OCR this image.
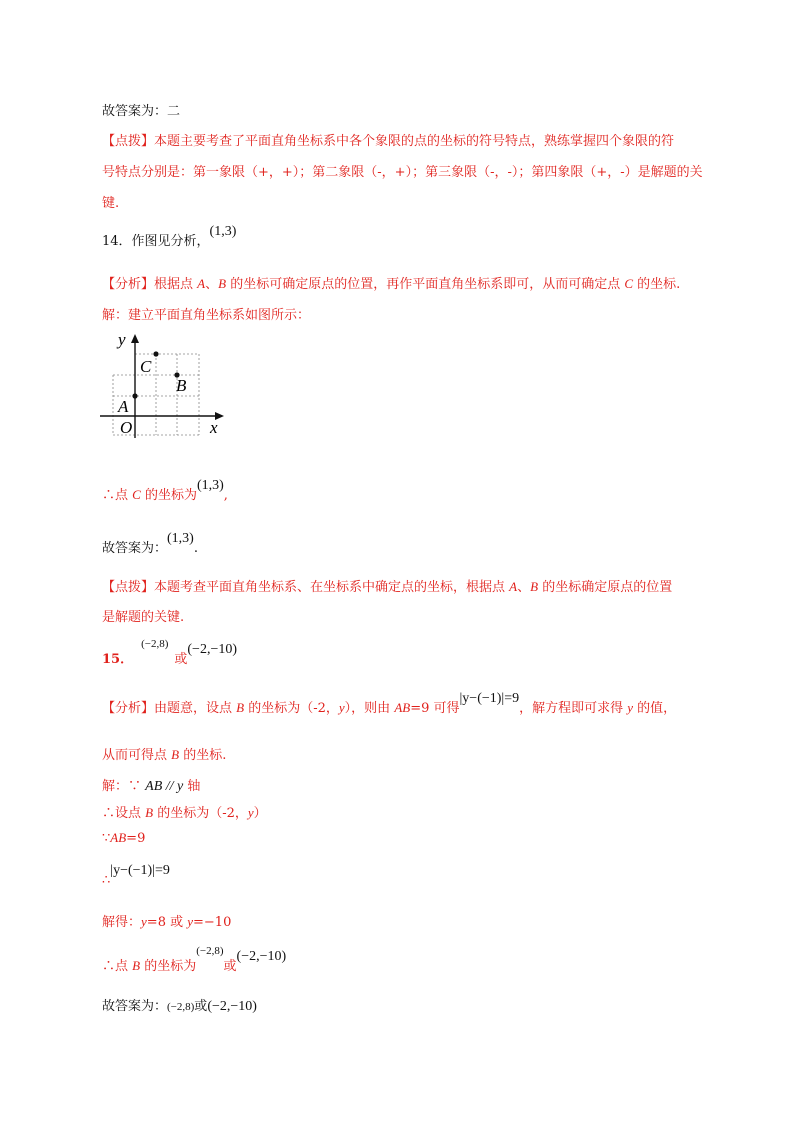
故答案为：二
【点拨】本题主要考查了平面直角坐标系中各个象限的点的坐标的符号特点，熟练掌握四个象限的符
号特点分别是：第一象限（+，+）；第二象限（-，+）；第三象限（-，-）；第四象限（+，-）是解题的关
键.
14．作图见分析，(1,3)
【分析】根据点 A、B 的坐标可确定原点的位置，再作平面直角坐标系即可，从而可确定点 C 的坐标.
解：建立平面直角坐标系如图所示：
y
x
C
B
A
O
∴点 C 的坐标为(1,3),
故答案为：(1,3).
【点拨】本题考查平面直角坐标系、在坐标系中确定点的坐标，根据点 A、B 的坐标确定原点的位置
是解题的关键.
15．$^{(-2,8)}$或(−2,−10)
【分析】由题意，设点 B 的坐标为（-2，y），则由 AB=9 可得|y−(−1)|=9，解方程即可求得 y 的值，
从而可得点 B 的坐标.
解：∵ AB // y 轴
∴设点 B 的坐标为（-2，y）
∵AB=9
∴|y−(−1)|=9
解得：y=8 或 y=−10
∴点 B 的坐标为$^{(-2,8)}$或(−2,−10)
故答案为：(−2,8)或(−2,−10)
